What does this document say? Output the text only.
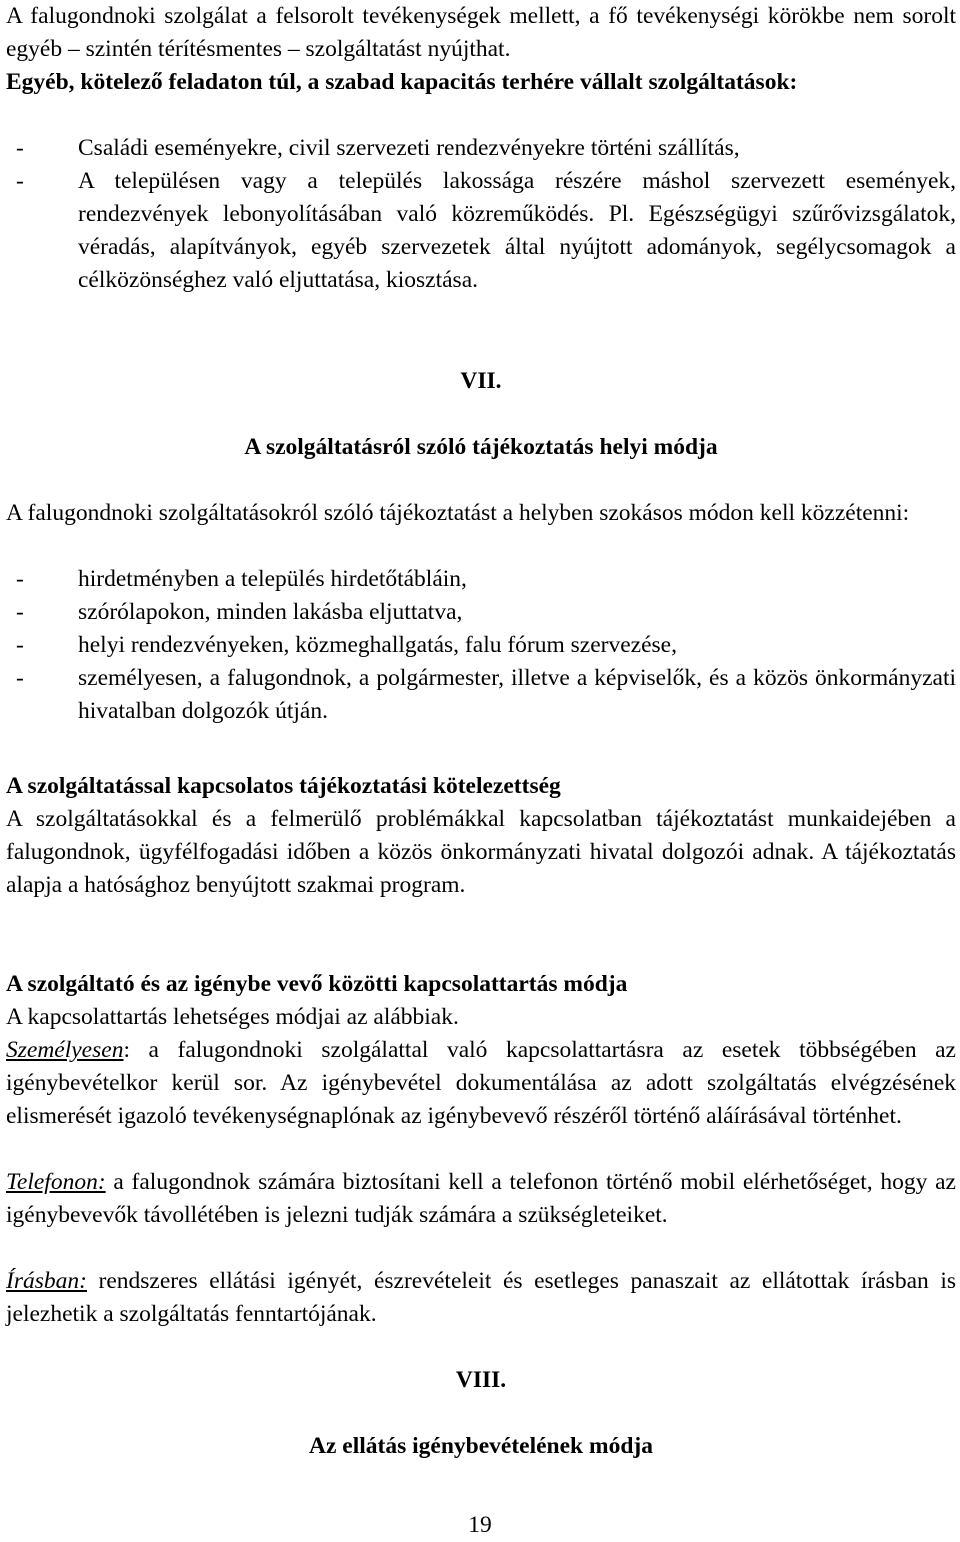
A falugondnoki szolgálat a felsorolt tevékenységek mellett, a fő tevékenységi körökbe nem sorolt egyéb – szintén térítésmentes – szolgáltatást nyújthat.

Egyéb, kötelező feladaton túl, a szabad kapacitás terhére vállalt szolgáltatások:

- Családi eseményekre, civil szervezeti rendezvényekre történi szállítás,
- A településen vagy a település lakossága részére máshol szervezett események, rendezvények lebonyolításában való közreműködés. Pl. Egészségügyi szűrővizsgálatok, véradás, alapítványok, egyéb szervezetek által nyújtott adományok, segélycsomagok a célközönséghez való eljuttatása, kiosztása.

VII.

A szolgáltatásról szóló tájékoztatás helyi módja

A falugondnoki szolgáltatásokról szóló tájékoztatást a helyben szokásos módon kell közzétenni:

- hirdetményben a település hirdetőtábláin,
- szórólapokon, minden lakásba eljuttatva,
- helyi rendezvényeken, közmeghallgatás, falu fórum szervezése,
- személyesen, a falugondnok, a polgármester, illetve a képviselők, és a közös önkormányzati hivatalban dolgozók útján.

A szolgáltatással kapcsolatos tájékoztatási kötelezettség

A szolgáltatásokkal és a felmerülő problémákkal kapcsolatban tájékoztatást munkaidejében a falugondnok, ügyfélfogadási időben a közös önkormányzati hivatal dolgozói adnak. A tájékoztatás alapja a hatósághoz benyújtott szakmai program.

A szolgáltató és az igénybe vevő közötti kapcsolattartás módja

A kapcsolattartás lehetséges módjai az alábbiak.

Személyesen: a falugondnoki szolgálattal való kapcsolattartásra az esetek többségében az igénybevételkor kerül sor. Az igénybevétel dokumentálása az adott szolgáltatás elvégzésének elismerését igazoló tevékenységnaplónak az igénybevevő részéről történő aláírásával történhet.

Telefonon: a falugondnok számára biztosítani kell a telefonon történő mobil elérhetőséget, hogy az igénybevevők távollétében is jelezni tudják számára a szükségleteiket.

Írásban: rendszeres ellátási igényét, észrevételeit és esetleges panaszait az ellátottak írásban is jelezhetik a szolgáltatás fenntartójának.

VIII.

Az ellátás igénybevételének módja

19
